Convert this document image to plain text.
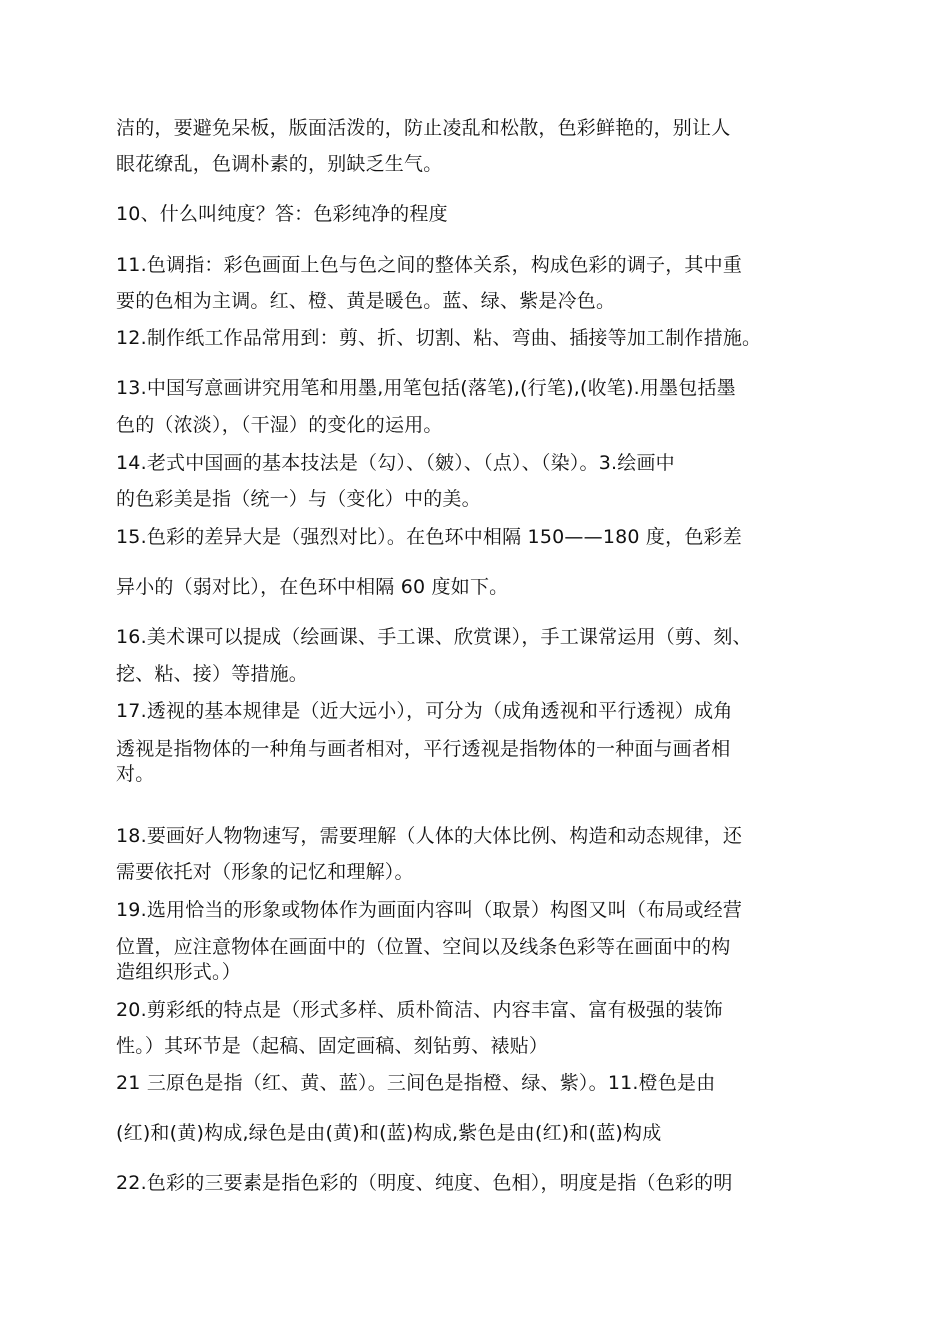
洁的，要避免呆板，版面活泼的，防止凌乱和松散，色彩鲜艳的，别让人
眼花缭乱，色调朴素的，别缺乏生气。
10、什么叫纯度？答：色彩纯净的程度
11.色调指：彩色画面上色与色之间的整体关系，构成色彩的调子，其中重
要的色相为主调。红、橙、黄是暖色。蓝、绿、紫是冷色。
12.制作纸工作品常用到：剪、折、切割、粘、弯曲、插接等加工制作措施。
13.中国写意画讲究用笔和用墨,用笔包括(落笔),(行笔),(收笔).用墨包括墨
色的（浓淡），（干湿）的变化的运用。
14.老式中国画的基本技法是（勾）、（皴）、（点）、（染）。3.绘画中
的色彩美是指（统一）与（变化）中的美。
15.色彩的差异大是（强烈对比）。在色环中相隔 150——180 度，色彩差
异小的（弱对比），在色环中相隔 60 度如下。
16.美术课可以提成（绘画课、手工课、欣赏课），手工课常运用（剪、刻、
挖、粘、接）等措施。
17.透视的基本规律是（近大远小），可分为（成角透视和平行透视）成角
透视是指物体的一种角与画者相对，平行透视是指物体的一种面与画者相
对。
18.要画好人物物速写，需要理解（人体的大体比例、构造和动态规律，还
需要依托对（形象的记忆和理解）。
19.选用恰当的形象或物体作为画面内容叫（取景）构图又叫（布局或经营
位置，应注意物体在画面中的（位置、空间以及线条色彩等在画面中的构
造组织形式。）
20.剪彩纸的特点是（形式多样、质朴简洁、内容丰富、富有极强的装饰
性。）其环节是（起稿、固定画稿、刻钻剪、裱贴）
21 三原色是指（红、黄、蓝）。三间色是指橙、绿、紫）。11.橙色是由
(红)和(黄)构成,绿色是由(黄)和(蓝)构成,紫色是由(红)和(蓝)构成
22.色彩的三要素是指色彩的（明度、纯度、色相），明度是指（色彩的明
